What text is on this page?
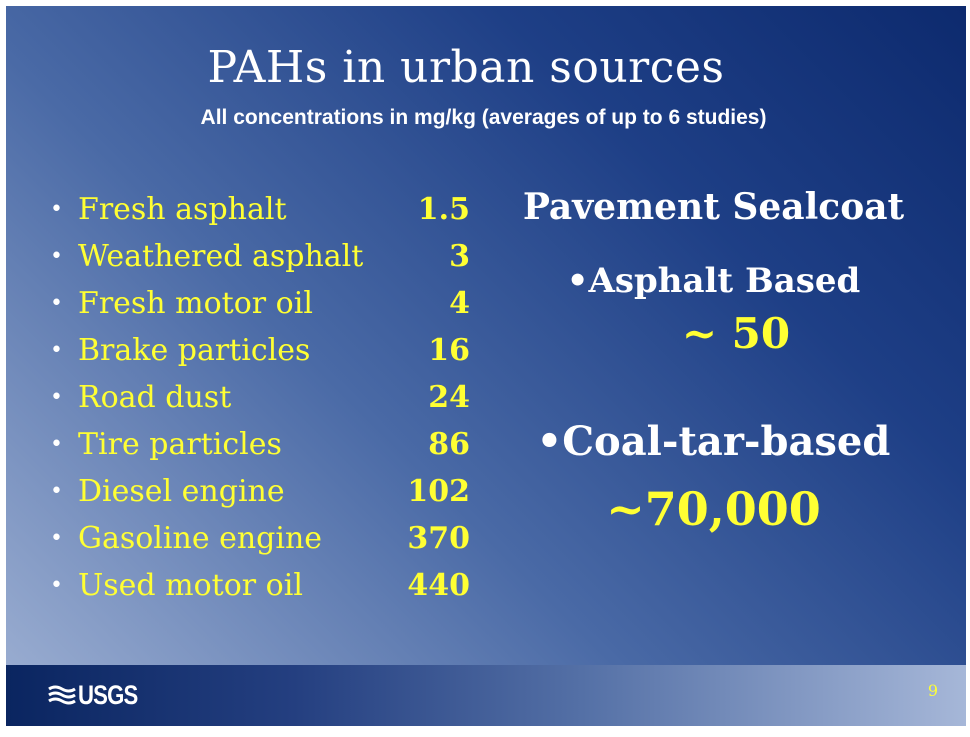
PAHs in urban sources
All concentrations in mg/kg (averages of up to 6 studies)
• Fresh asphalt	1.5
• Weathered asphalt	3
• Fresh motor oil	4
• Brake particles	16
• Road dust	24
• Tire particles	86
• Diesel engine	102
• Gasoline engine	370
• Used motor oil	440
Pavement Sealcoat
•Asphalt Based
~ 50
•Coal-tar-based
~70,000
USGS	9
